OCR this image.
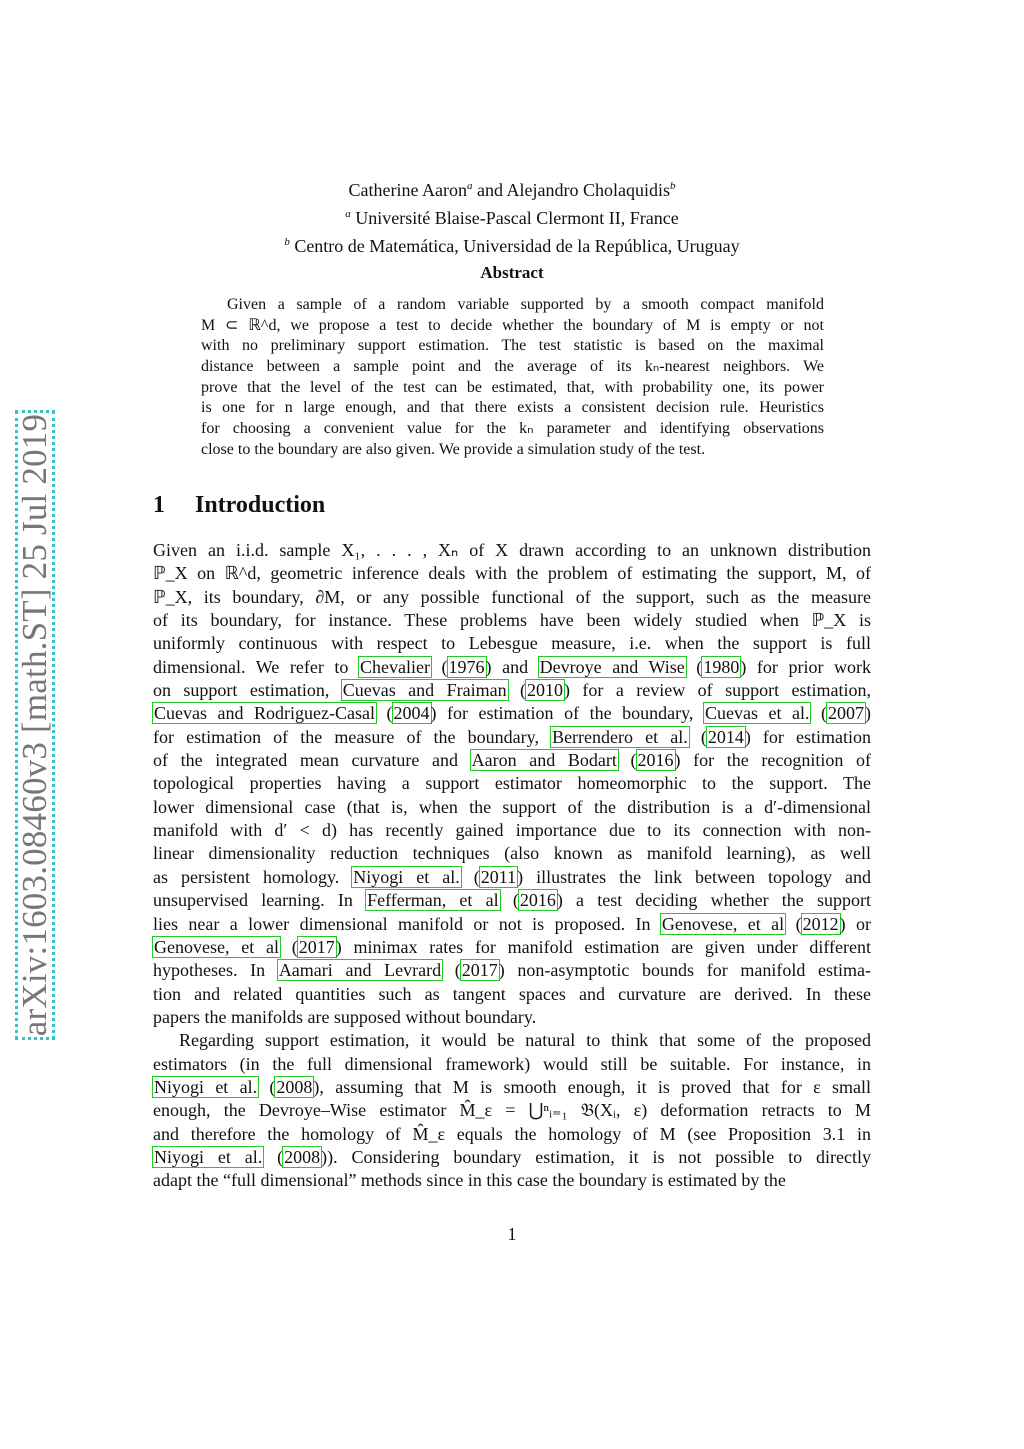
arXiv:1603.08460v3 [math.ST] 25 Jul 2019
Catherine Aaron$^a$ and Alejandro Cholaquidis$^b$
$^a$ Université Blaise-Pascal Clermont II, France
$^b$ Centro de Matemática, Universidad de la República, Uruguay
Abstract
Given a sample of a random variable supported by a smooth compact manifold
M ⊂ ℝ^d, we propose a test to decide whether the boundary of M is empty or not
with no preliminary support estimation. The test statistic is based on the maximal
distance between a sample point and the average of its kₙ-nearest neighbors. We
prove that the level of the test can be estimated, that, with probability one, its power
is one for n large enough, and that there exists a consistent decision rule. Heuristics
for choosing a convenient value for the kₙ parameter and identifying observations
close to the boundary are also given. We provide a simulation study of the test.
1 Introduction
Given an i.i.d. sample X₁, . . . , Xₙ of X drawn according to an unknown distribution
ℙ_X on ℝ^d, geometric inference deals with the problem of estimating the support, M, of
ℙ_X, its boundary, ∂M, or any possible functional of the support, such as the measure
of its boundary, for instance. These problems have been widely studied when ℙ_X is
uniformly continuous with respect to Lebesgue measure, i.e. when the support is full
dimensional. We refer to Chevalier (1976) and Devroye and Wise (1980) for prior work
on support estimation, Cuevas and Fraiman (2010) for a review of support estimation,
Cuevas and Rodriguez-Casal (2004) for estimation of the boundary, Cuevas et al. (2007)
for estimation of the measure of the boundary, Berrendero et al. (2014) for estimation
of the integrated mean curvature and Aaron and Bodart (2016) for the recognition of
topological properties having a support estimator homeomorphic to the support. The
lower dimensional case (that is, when the support of the distribution is a d′-dimensional
manifold with d′ < d) has recently gained importance due to its connection with non-
linear dimensionality reduction techniques (also known as manifold learning), as well
as persistent homology. Niyogi et al. (2011) illustrates the link between topology and
unsupervised learning. In Fefferman, et al (2016) a test deciding whether the support
lies near a lower dimensional manifold or not is proposed. In Genovese, et al (2012) or
Genovese, et al (2017) minimax rates for manifold estimation are given under different
hypotheses. In Aamari and Levrard (2017) non-asymptotic bounds for manifold estima-
tion and related quantities such as tangent spaces and curvature are derived. In these
papers the manifolds are supposed without boundary.
Regarding support estimation, it would be natural to think that some of the proposed
estimators (in the full dimensional framework) would still be suitable. For instance, in
Niyogi et al. (2008), assuming that M is smooth enough, it is proved that for ε small
enough, the Devroye–Wise estimator M̂_ε = ⋃ⁿᵢ₌₁ 𝔅(Xᵢ, ε) deformation retracts to M
and therefore the homology of M̂_ε equals the homology of M (see Proposition 3.1 in
Niyogi et al. (2008)). Considering boundary estimation, it is not possible to directly
adapt the “full dimensional” methods since in this case the boundary is estimated by the
1
